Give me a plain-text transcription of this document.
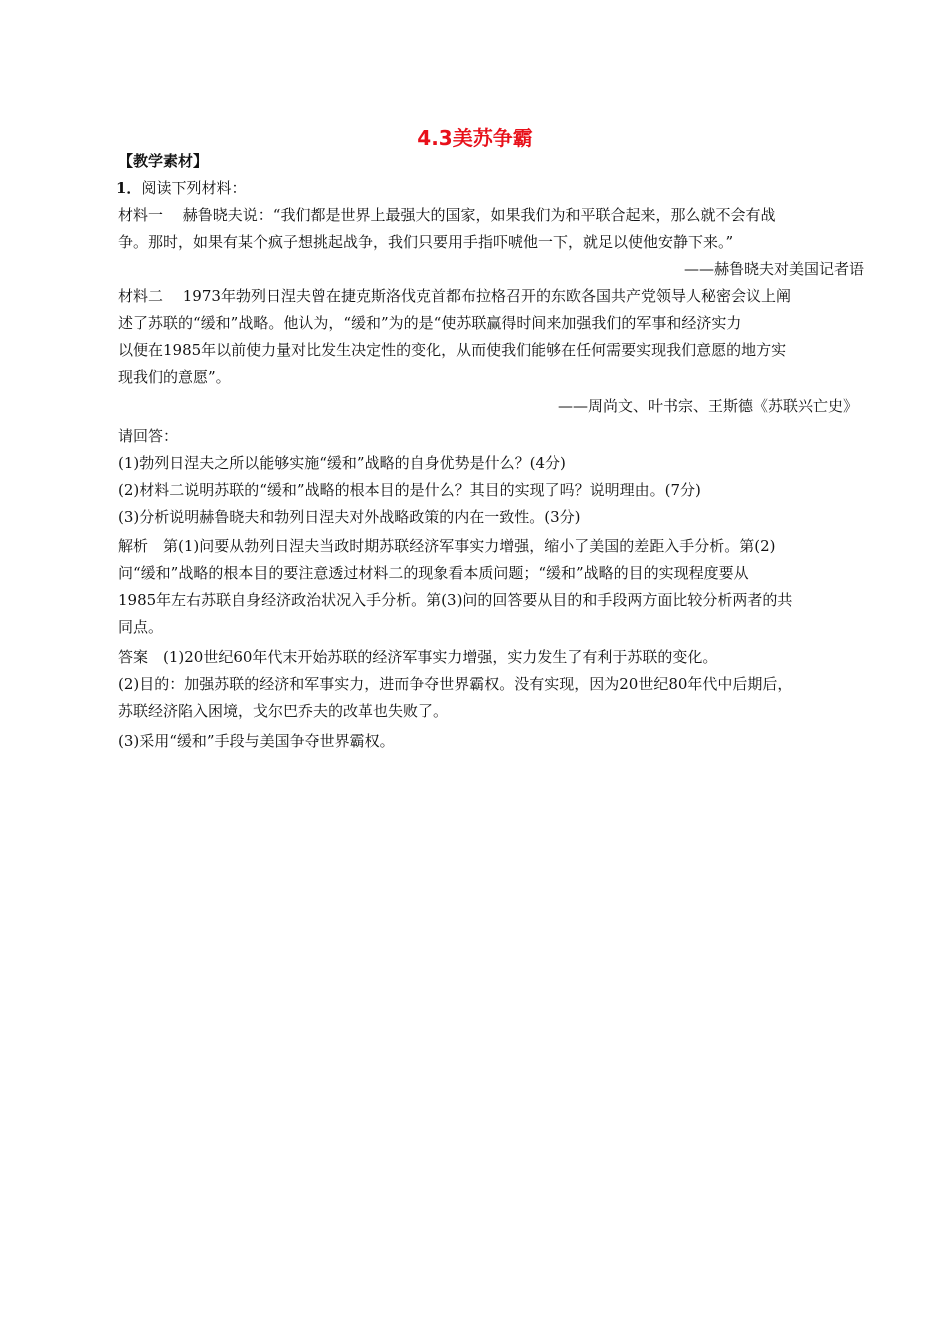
4.3美苏争霸
【教学素材】
1．阅读下列材料：
材料一　 赫鲁晓夫说：“我们都是世界上最强大的国家，如果我们为和平联合起来，那么就不会有战
争。那时，如果有某个疯子想挑起战争，我们只要用手指吓唬他一下，就足以使他安静下来。”
——赫鲁晓夫对美国记者语
材料二　 1973年勃列日涅夫曾在捷克斯洛伐克首都布拉格召开的东欧各国共产党领导人秘密会议上阐
述了苏联的“缓和”战略。他认为，“缓和”为的是“使苏联赢得时间来加强我们的军事和经济实力
以便在1985年以前使力量对比发生决定性的变化，从而使我们能够在任何需要实现我们意愿的地方实
现我们的意愿”。
——周尚文、叶书宗、王斯德《苏联兴亡史》
请回答：
(1)勃列日涅夫之所以能够实施“缓和”战略的自身优势是什么？(4分)
(2)材料二说明苏联的“缓和”战略的根本目的是什么？其目的实现了吗？说明理由。(7分)
(3)分析说明赫鲁晓夫和勃列日涅夫对外战略政策的内在一致性。(3分)
解析　第(1)问要从勃列日涅夫当政时期苏联经济军事实力增强，缩小了美国的差距入手分析。第(2)
问“缓和”战略的根本目的要注意透过材料二的现象看本质问题；“缓和”战略的目的实现程度要从
1985年左右苏联自身经济政治状况入手分析。第(3)问的回答要从目的和手段两方面比较分析两者的共
同点。
答案　(1)20世纪60年代末开始苏联的经济军事实力增强，实力发生了有利于苏联的变化。
(2)目的：加强苏联的经济和军事实力，进而争夺世界霸权。没有实现，因为20世纪80年代中后期后，
苏联经济陷入困境，戈尔巴乔夫的改革也失败了。
(3)采用“缓和”手段与美国争夺世界霸权。
